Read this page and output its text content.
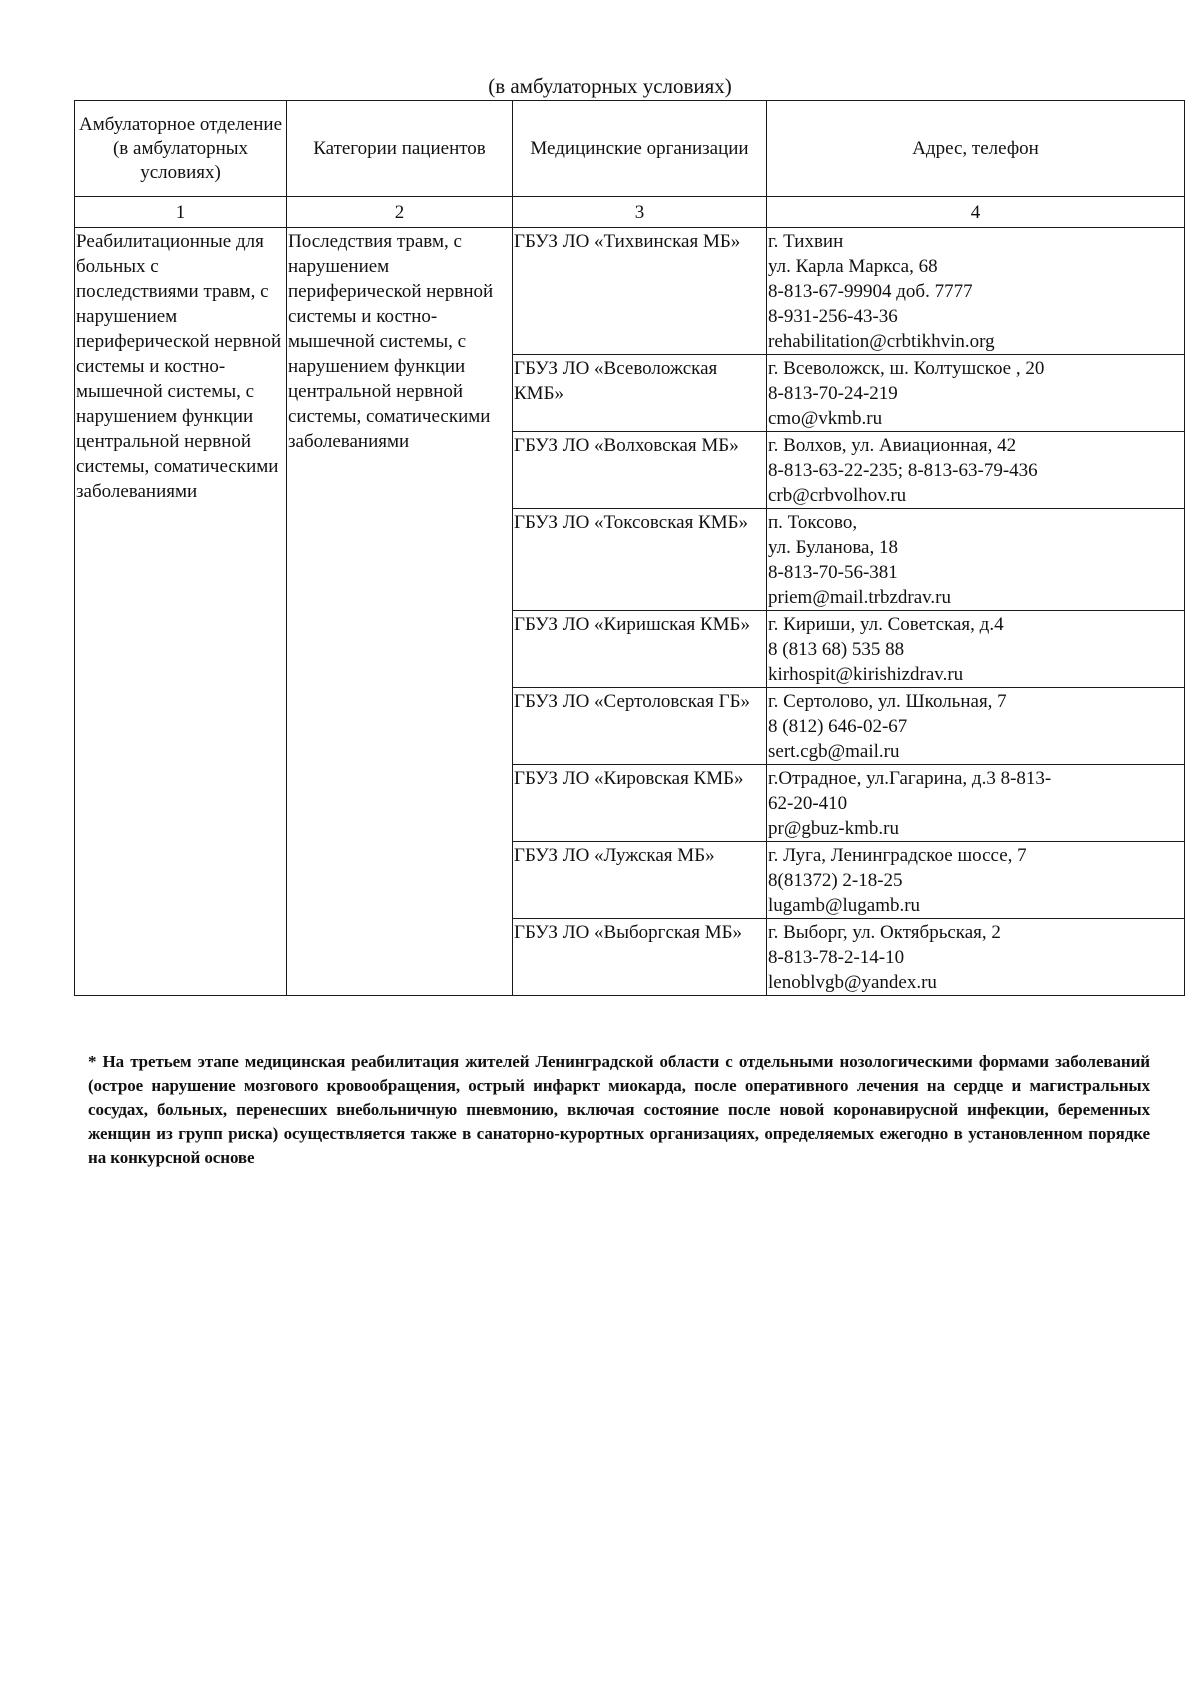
(в амбулаторных условиях)
Амбулаторное отделение (в амбулаторных условиях)	Категории пациентов	Медицинские организации	Адрес, телефон
1	2	3	4
Реабилитационные для больных с последствиями травм, с нарушением периферической нервной системы и костно-мышечной системы, с нарушением функции центральной нервной системы, соматическими заболеваниями	Последствия травм, с нарушением периферической нервной системы и костно-мышечной системы, с нарушением функции центральной нервной системы, соматическими заболеваниями	ГБУЗ ЛО «Тихвинская МБ»	г. Тихвин
ул. Карла Маркса, 68
8-813-67-99904 доб. 7777
8-931-256-43-36
rehabilitation@crbtikhvin.org

		ГБУЗ ЛО «Всеволожская КМБ»	г. Всеволожск, ш. Колтушское , 20
8-813-70-24-219
cmo@vkmb.ru

		ГБУЗ ЛО «Волховская МБ»	г. Волхов, ул. Авиационная, 42
8-813-63-22-235; 8-813-63-79-436
crb@crbvolhov.ru

		ГБУЗ ЛО «Токсовская КМБ»	п. Токсово,
ул. Буланова, 18
8-813-70-56-381
priem@mail.trbzdrav.ru

		ГБУЗ ЛО «Киришская КМБ»	г. Кириши, ул. Советская, д.4
8 (813 68) 535 88
kirhospit@kirishizdrav.ru

		ГБУЗ ЛО «Сертоловская ГБ»	г. Сертолово, ул. Школьная, 7
8 (812) 646-02-67
sert.cgb@mail.ru

		ГБУЗ ЛО «Кировская КМБ»	г.Отрадное, ул.Гагарина, д.3 8-813-
62-20-410
pr@gbuz-kmb.ru

		ГБУЗ ЛО «Лужская МБ»	г. Луга, Ленинградское шоссе, 7
8(81372) 2-18-25
lugamb@lugamb.ru

		ГБУЗ ЛО «Выборгская МБ»	г. Выборг, ул. Октябрьская, 2
8-813-78-2-14-10
lenoblvgb@yandex.ru
* На третьем этапе медицинская реабилитация жителей Ленинградской области с отдельными нозологическими формами заболеваний (острое нарушение мозгового кровообращения, острый инфаркт миокарда, после оперативного лечения на сердце и магистральных сосудах, больных, перенесших внебольничную пневмонию, включая состояние после новой коронавирусной инфекции, беременных женщин из групп риска) осуществляется также в санаторно-курортных организациях, определяемых ежегодно в установленном порядке на конкурсной основе
